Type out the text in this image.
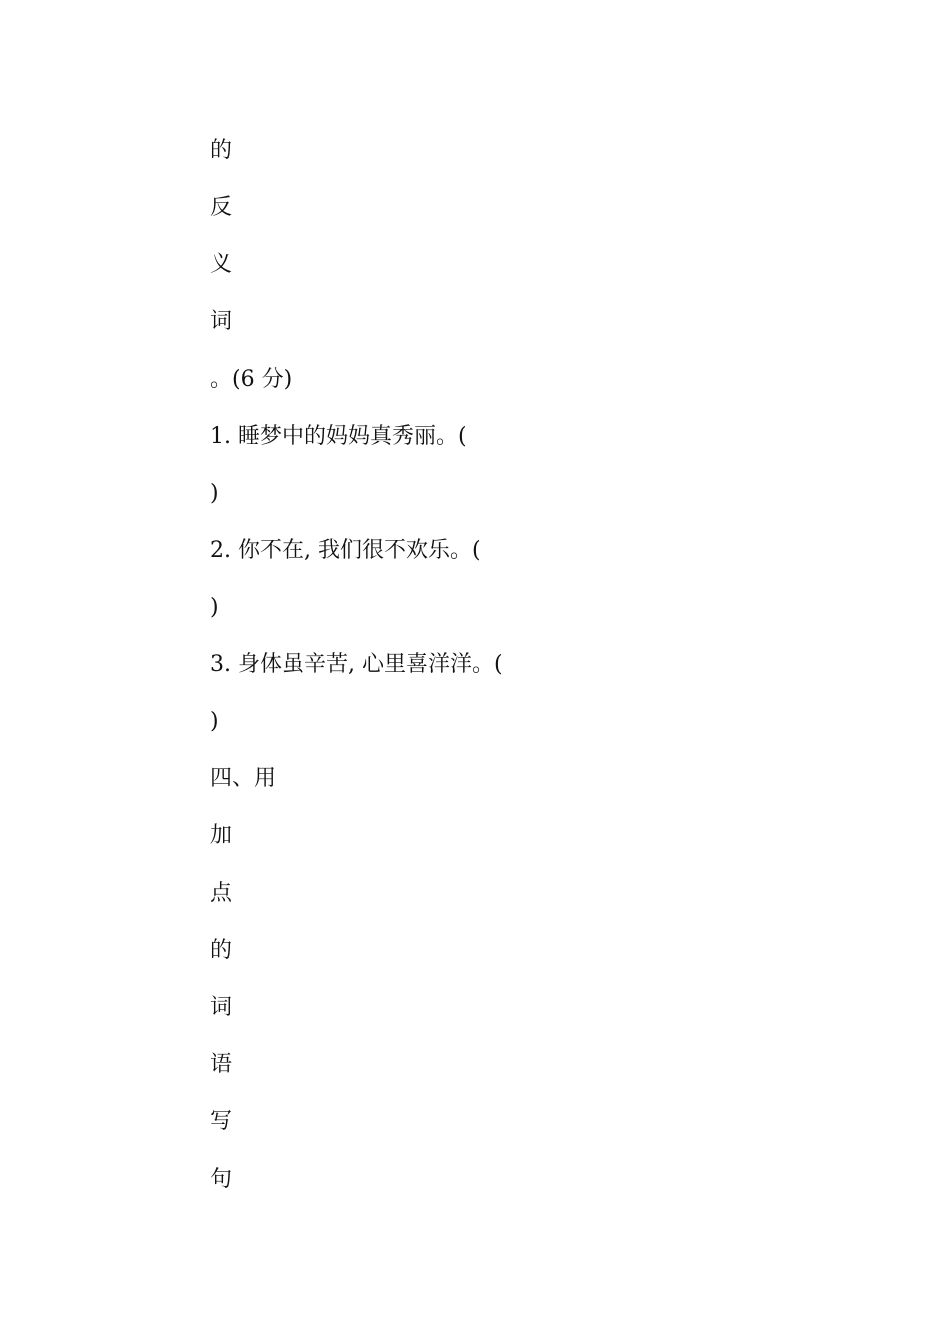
的
反
义
词
。(6 分)
1. 睡梦中的妈妈真秀丽。(
)
2. 你不在, 我们很不欢乐。(
)
3. 身体虽辛苦, 心里喜洋洋。(
)
四、用
加
点
的
词
语
写
句
